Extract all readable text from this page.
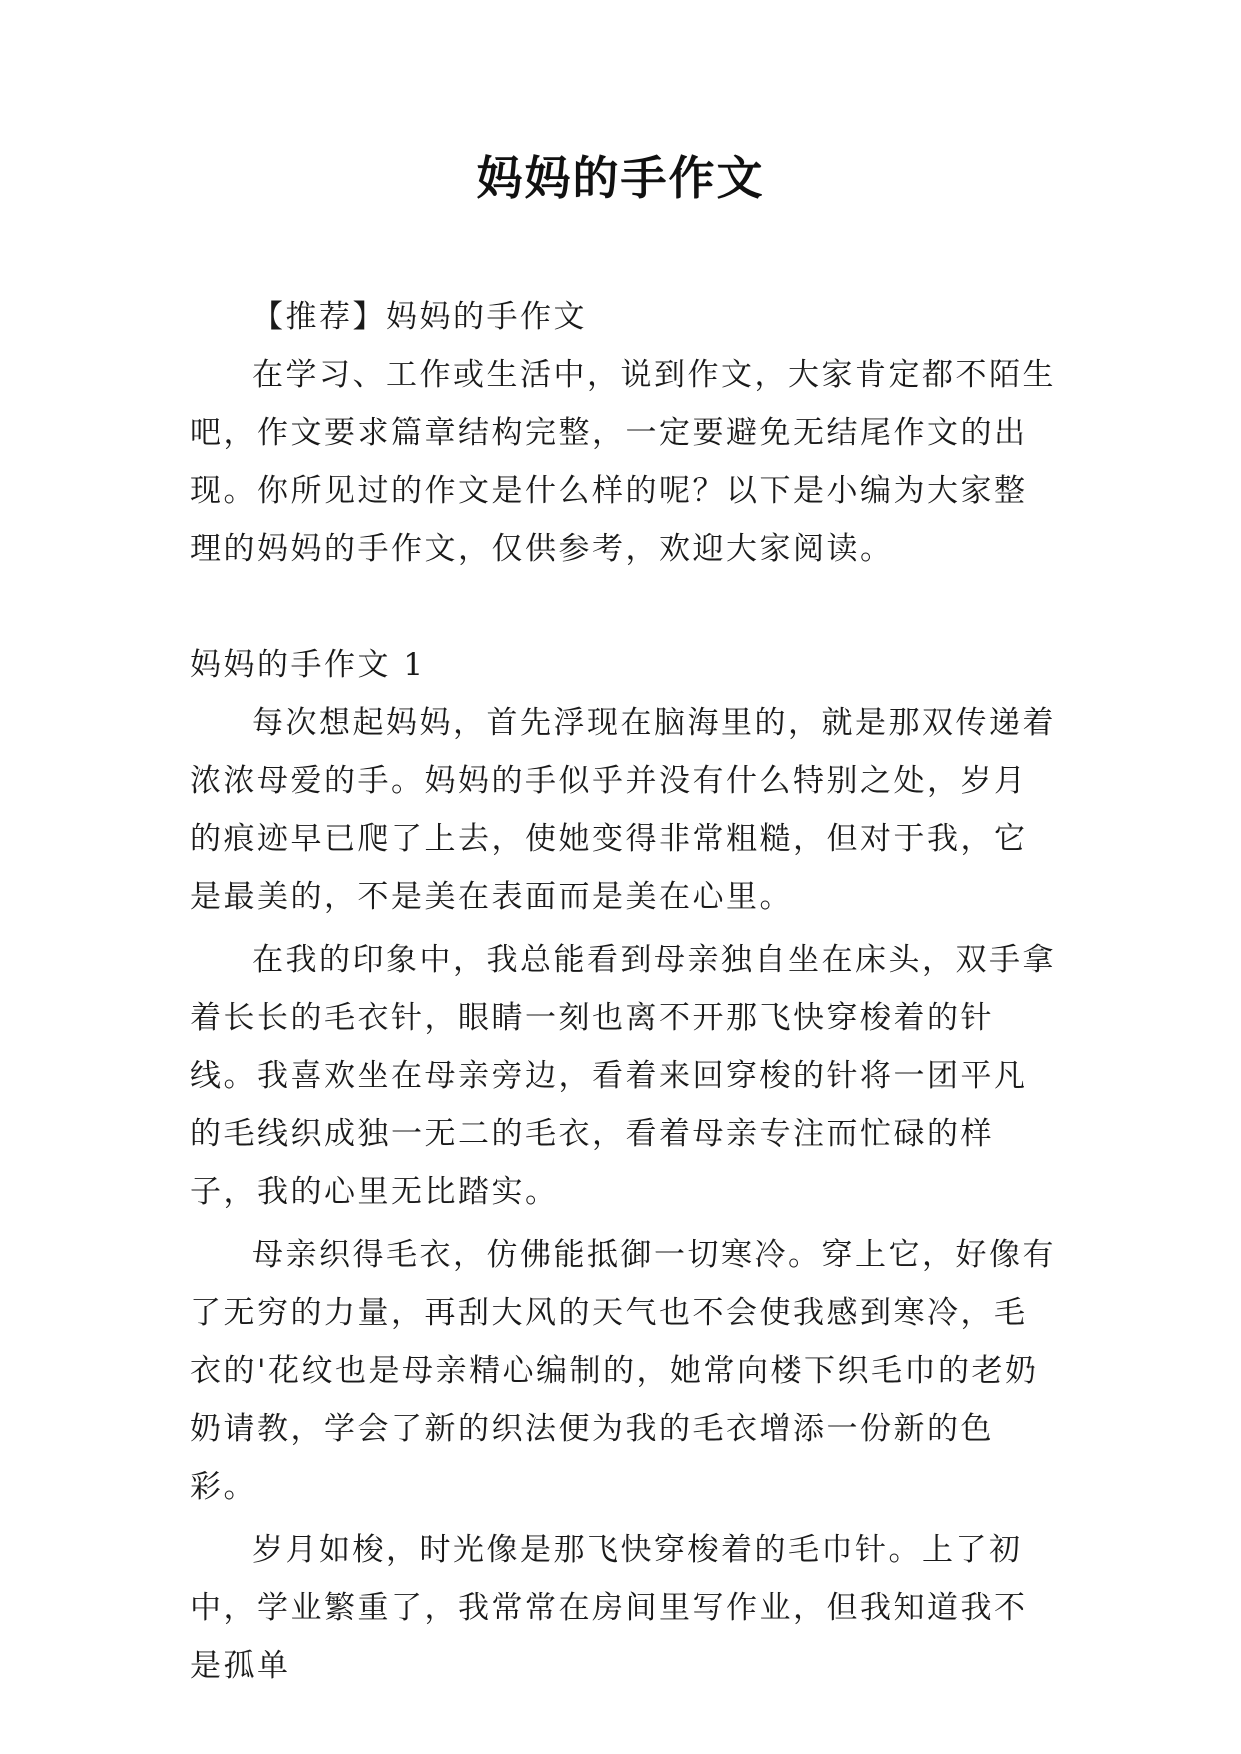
妈妈的手作文

【推荐】妈妈的手作文

在学习、工作或生活中，说到作文，大家肯定都不陌生吧，作文要求篇章结构完整，一定要避免无结尾作文的出现。你所见过的作文是什么样的呢？以下是小编为大家整理的妈妈的手作文，仅供参考，欢迎大家阅读。

妈妈的手作文 1

每次想起妈妈，首先浮现在脑海里的，就是那双传递着浓浓母爱的手。妈妈的手似乎并没有什么特别之处，岁月的痕迹早已爬了上去，使她变得非常粗糙，但对于我，它是最美的，不是美在表面而是美在心里。

在我的印象中，我总能看到母亲独自坐在床头，双手拿着长长的毛衣针，眼睛一刻也离不开那飞快穿梭着的针线。我喜欢坐在母亲旁边，看着来回穿梭的针将一团平凡的毛线织成独一无二的毛衣，看着母亲专注而忙碌的样子，我的心里无比踏实。

母亲织得毛衣，仿佛能抵御一切寒冷。穿上它，好像有了无穷的力量，再刮大风的天气也不会使我感到寒冷，毛衣的'花纹也是母亲精心编制的，她常向楼下织毛巾的老奶奶请教，学会了新的织法便为我的毛衣增添一份新的色彩。

岁月如梭，时光像是那飞快穿梭着的毛巾针。上了初中，学业繁重了，我常常在房间里写作业，但我知道我不是孤单
